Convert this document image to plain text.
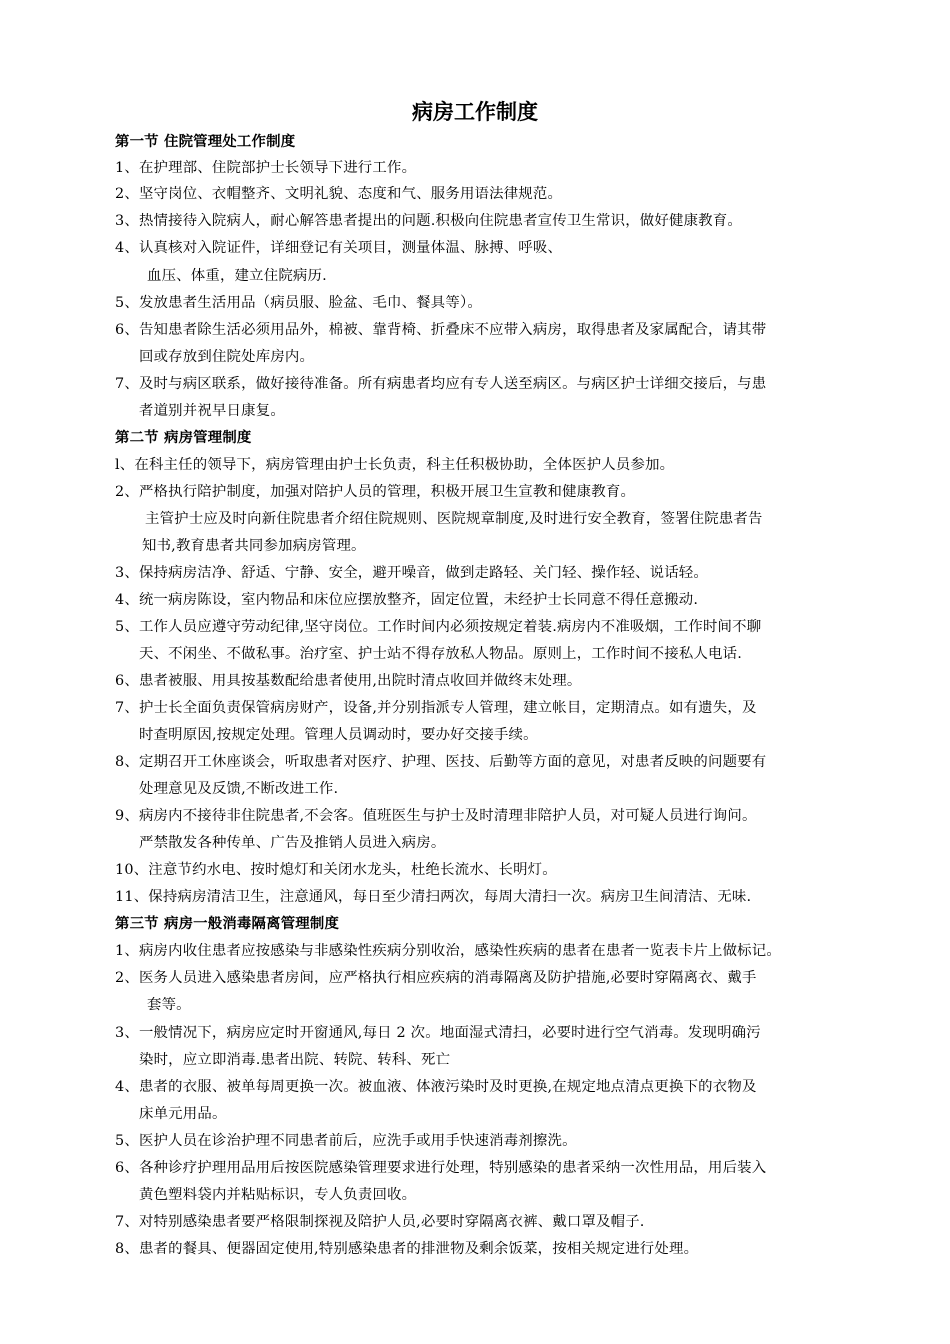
病房工作制度

第一节 住院管理处工作制度

1、在护理部、住院部护士长领导下进行工作。

2、坚守岗位、衣帽整齐、文明礼貌、态度和气、服务用语法律规范。

3、热情接待入院病人，耐心解答患者提出的问题.积极向住院患者宣传卫生常识，做好健康教育。

4、认真核对入院证件，详细登记有关项目，测量体温、脉搏、呼吸、

血压、体重，建立住院病历.

5、发放患者生活用品（病员服、脸盆、毛巾、餐具等）。

6、告知患者除生活必须用品外，棉被、靠背椅、折叠床不应带入病房，取得患者及家属配合，请其带

回或存放到住院处库房内。

7、及时与病区联系，做好接待准备。所有病患者均应有专人送至病区。与病区护士详细交接后，与患

者道别并祝早日康复。

第二节 病房管理制度

l、在科主任的领导下，病房管理由护士长负责，科主任积极协助，全体医护人员参加。

2、严格执行陪护制度，加强对陪护人员的管理，积极开展卫生宣教和健康教育。

主管护士应及时向新住院患者介绍住院规则、医院规章制度,及时进行安全教育，签署住院患者告

知书,教育患者共同参加病房管理。

3、保持病房洁净、舒适、宁静、安全，避开噪音，做到走路轻、关门轻、操作轻、说话轻。

4、统一病房陈设，室内物品和床位应摆放整齐，固定位置，未经护士长同意不得任意搬动.

5、工作人员应遵守劳动纪律,坚守岗位。工作时间内必须按规定着装.病房内不准吸烟，工作时间不聊

天、不闲坐、不做私事。治疗室、护士站不得存放私人物品。原则上，工作时间不接私人电话.

6、患者被服、用具按基数配给患者使用,出院时清点收回并做终末处理。

7、护士长全面负责保管病房财产，设备,并分别指派专人管理，建立帐目，定期清点。如有遗失，及

时查明原因,按规定处理。管理人员调动时，要办好交接手续。

8、定期召开工休座谈会，听取患者对医疗、护理、医技、后勤等方面的意见，对患者反映的问题要有

处理意见及反馈,不断改进工作.

9、病房内不接待非住院患者,不会客。值班医生与护士及时清理非陪护人员，对可疑人员进行询问。

严禁散发各种传单、广告及推销人员进入病房。

10、注意节约水电、按时熄灯和关闭水龙头，杜绝长流水、长明灯。

11、保持病房清洁卫生，注意通风，每日至少清扫两次，每周大清扫一次。病房卫生间清洁、无味.

第三节 病房一般消毒隔离管理制度

1、病房内收住患者应按感染与非感染性疾病分别收治，感染性疾病的患者在患者一览表卡片上做标记。

2、医务人员进入感染患者房间，应严格执行相应疾病的消毒隔离及防护措施,必要时穿隔离衣、戴手

套等。

3、一般情况下，病房应定时开窗通风,每日 2 次。地面湿式清扫，必要时进行空气消毒。发现明确污

染时，应立即消毒.患者出院、转院、转科、死亡

4、患者的衣服、被单每周更换一次。被血液、体液污染时及时更换,在规定地点清点更换下的衣物及

床单元用品。

5、医护人员在诊治护理不同患者前后，应洗手或用手快速消毒剂擦洗。

6、各种诊疗护理用品用后按医院感染管理要求进行处理，特别感染的患者采纳一次性用品，用后装入

黄色塑料袋内并粘贴标识，专人负责回收。

7、对特别感染患者要严格限制探视及陪护人员,必要时穿隔离衣裤、戴口罩及帽子.

8、患者的餐具、便器固定使用,特别感染患者的排泄物及剩余饭菜，按相关规定进行处理。
